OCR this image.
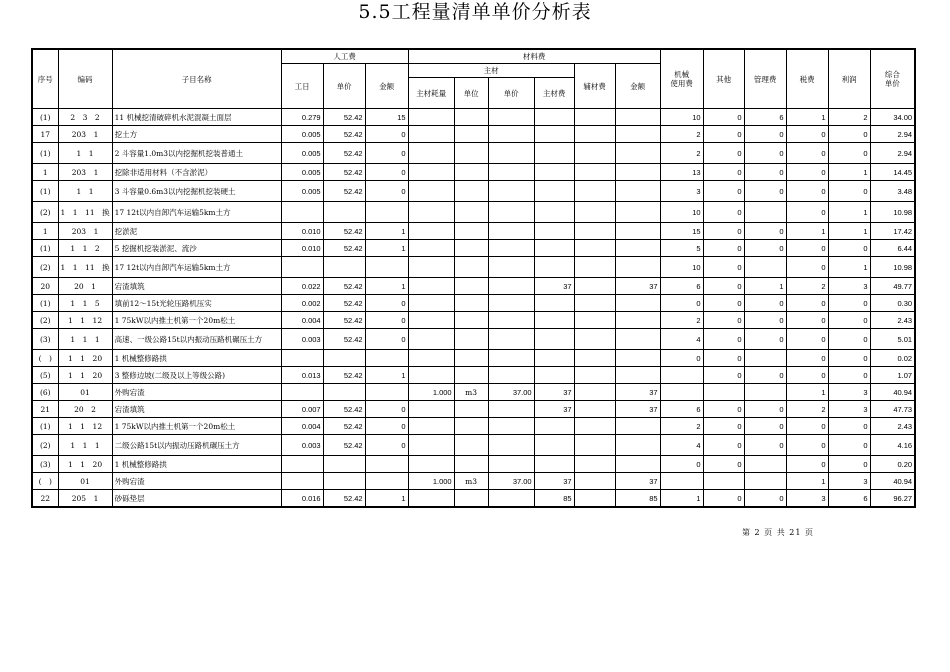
5.5工程量清单单价分析表
序号	编码	子目名称	人工费			材料费						机械
使用费	其他	管理费	税费	利润	综合
单价
			工日	单价	金额	主材				辅材费	金额						
						主材耗量	单位	单价	主材费								
(1)	2　3　2	11 机械挖清破碎机水泥混凝土面层	0.279	52.42	15							10	0	6	1	2	34.00
17	203　1	挖土方	0.005	52.42	0							2	0	0	0	0	2.94
(1)	1　1	2 斗容量1.0m3以内挖掘机挖装普通土	0.005	52.42	0							2	0	0	0	0	2.94
1	203　1	挖除非适用材料（不含淤泥）	0.005	52.42	0							13	0	0	0	1	14.45
(1)	1　1	3 斗容量0.6m3以内挖掘机挖装硬土	0.005	52.42	0							3	0	0	0	0	3.48
(2)	1　1　11　换	17 12t以内自卸汽车运输5km土方										10	0		0	1	10.98
1	203　1	挖淤泥	0.010	52.42	1							15	0	0	1	1	17.42
(1)	1　1　2	5 挖掘机挖装淤泥、流沙	0.010	52.42	1							5	0	0	0	0	6.44
(2)	1　1　11　换	17 12t以内自卸汽车运输5km土方										10	0		0	1	10.98
20	20　1	宕渣填筑	0.022	52.42	1				37		37	6	0	1	2	3	49.77
(1)	1　1　5	填前12～15t光轮压路机压实	0.002	52.42	0							0	0	0	0	0	0.30
(2)	1　1　12	1 75kW以内推土机第一个20m松土	0.004	52.42	0							2	0	0	0	0	2.43
(3)	1　1　1	高速、一级公路15t以内振动压路机碾压土方	0.003	52.42	0							4	0	0	0	0	5.01
(　)	1　1　20	1 机械整修路拱										0	0		0	0	0.02
(5)	1　1　20	3 整修边坡(二级及以上等级公路)	0.013	52.42	1								0	0	0	0	1.07
(6)	01	外购宕渣				1.000	m3	37.00	37		37				1	3	40.94
21	20　2	宕渣填筑	0.007	52.42	0				37		37	6	0	0	2	3	47.73
(1)	1　1　12	1 75kW以内推土机第一个20m松土	0.004	52.42	0							2	0	0	0	0	2.43
(2)	1　1　1	二级公路15t以内振动压路机碾压土方	0.003	52.42	0							4	0	0	0	0	4.16
(3)	1　1　20	1 机械整修路拱										0	0		0	0	0.20
(　)	01	外购宕渣				1.000	m3	37.00	37		37				1	3	40.94
22	205　1	砂砾垫层	0.016	52.42	1				85		85	1	0	0	3	6	96.27
第 2 页 共 21 页
